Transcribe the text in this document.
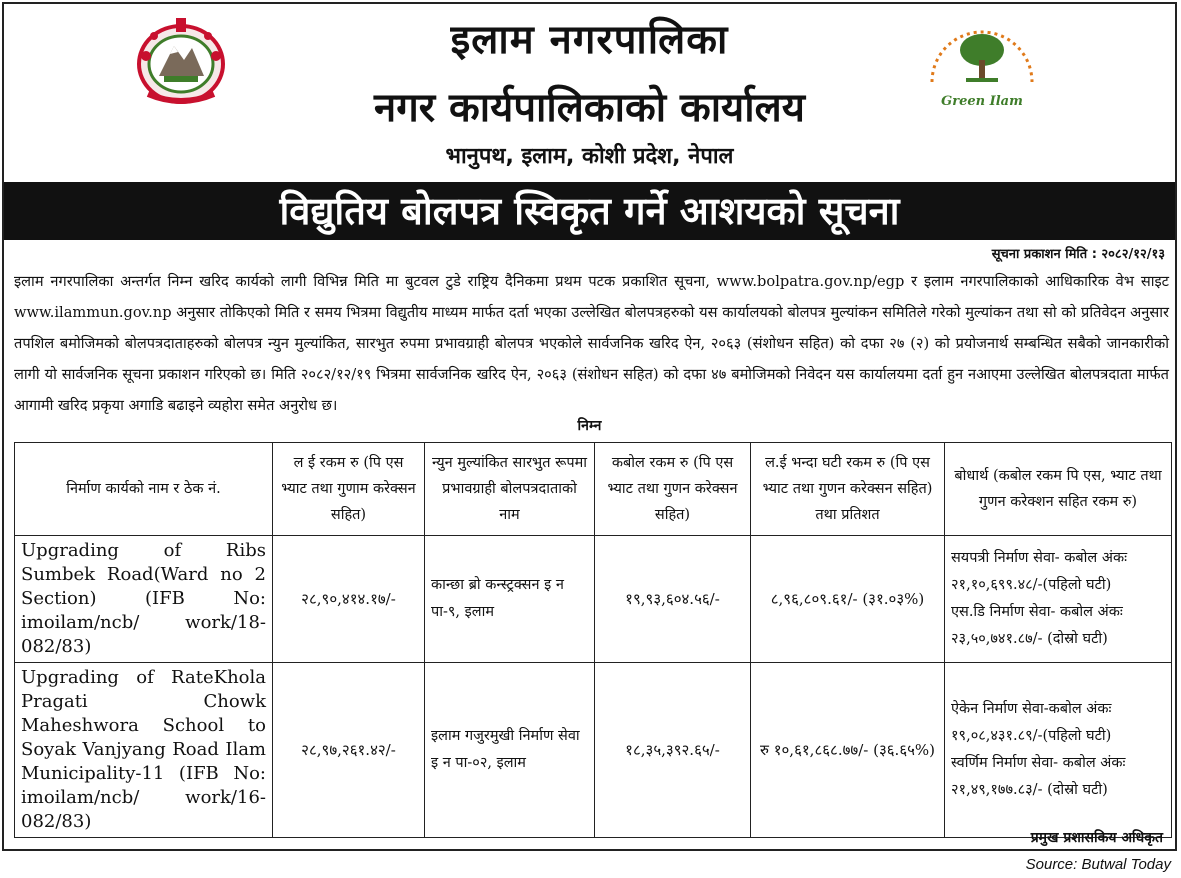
इलाम नगरपालिका
नगर कार्यपालिकाको कार्यालय
भानुपथ, इलाम, कोशी प्रदेश, नेपाल
Green Ilam
विद्युतिय बोलपत्र स्विकृत गर्ने आशयको सूचना
सूचना प्रकाशन मिति : २०८२/१२/१३
इलाम नगरपालिका अन्तर्गत निम्न खरिद कार्यको लागी विभिन्न मिति मा बुटवल टुडे राष्ट्रिय दैनिकमा प्रथम पटक प्रकाशित सूचना, www.bolpatra.gov.np/egp र इलाम नगरपालिकाको आधिकारिक वेभ साइट www.ilammun.gov.np अनुसार तोकिएको मिति र समय भित्रमा विद्युतीय माध्यम मार्फत दर्ता भएका उल्लेखित बोलपत्रहरुको यस कार्यालयको बोलपत्र मुल्यांकन समितिले गरेको मुल्यांकन तथा सो को प्रतिवेदन अनुसार तपशिल बमोजिमको बोलपत्रदाताहरुको बोलपत्र न्युन मुल्यांकित, सारभुत रुपमा प्रभावग्राही बोलपत्र भएकोले सार्वजनिक खरिद ऐन, २०६३ (संशोधन सहित) को दफा २७ (२) को प्रयोजनार्थ सम्बन्धित सबैको जानकारीको लागी यो सार्वजनिक सूचना प्रकाशन गरिएको छ। मिति २०८२/१२/१९ भित्रमा सार्वजनिक खरिद ऐन, २०६३ (संशोधन सहित) को दफा ४७ बमोजिमको निवेदन यस कार्यालयमा दर्ता हुन नआएमा उल्लेखित बोलपत्रदाता मार्फत आगामी खरिद प्रकृया अगाडि बढाइने व्यहोरा समेत अनुरोध छ।
निम्न
निर्माण कार्यको नाम र ठेक नं.	ल ई रकम रु (पि एस भ्याट तथा गुणाम करेक्सन सहित)	न्युन मुल्यांकित सारभुत रूपमा प्रभावग्राही बोलपत्रदाताको नाम	कबोल रकम रु (पि एस भ्याट तथा गुणन करेक्सन सहित)	ल.ई भन्दा घटी रकम रु (पि एस भ्याट तथा गुणन करेक्सन सहित) तथा प्रतिशत	बोधार्थ (कबोल रकम पि एस, भ्याट तथा गुणन करेक्शन सहित रकम रु)
Upgrading of Ribs Sumbek Road(Ward no 2 Section) (IFB No: imoilam/ncb/ work/18-082/83)	२८,९०,४१४.१७/-	कान्छा ब्रो कन्स्ट्रक्सन इ न पा-९, इलाम	१९,९३,६०४.५६/-	८,९६,८०९.६१/- (३१.०३%)	सयपत्री निर्माण सेवा- कबोल अंकः
२१,१०,६९९.४८/-(पहिलो घटी)
एस.डि निर्माण सेवा- कबोल अंकः
२३,५०,७४१.८७/- (दोस्रो घटी)

Upgrading of RateKhola Pragati Chowk Maheshwora School to Soyak Vanjyang Road Ilam Municipality-11 (IFB No: imoilam/ncb/ work/16-082/83)	२८,९७,२६१.४२/-	इलाम गजुरमुखी निर्माण सेवा इ न पा-०२, इलाम	१८,३५,३९२.६५/-	रु १०,६१,८६८.७७/- (३६.६५%)	ऐकेन निर्माण सेवा-कबोल अंकः
१९,०८,४३१.८९/-(पहिलो घटी)
स्वर्णिम निर्माण सेवा- कबोल अंकः
२१,४९,१७७.८३/- (दोस्रो घटी)
प्रमुख प्रशासकिय अधिकृत
Source: Butwal Today
